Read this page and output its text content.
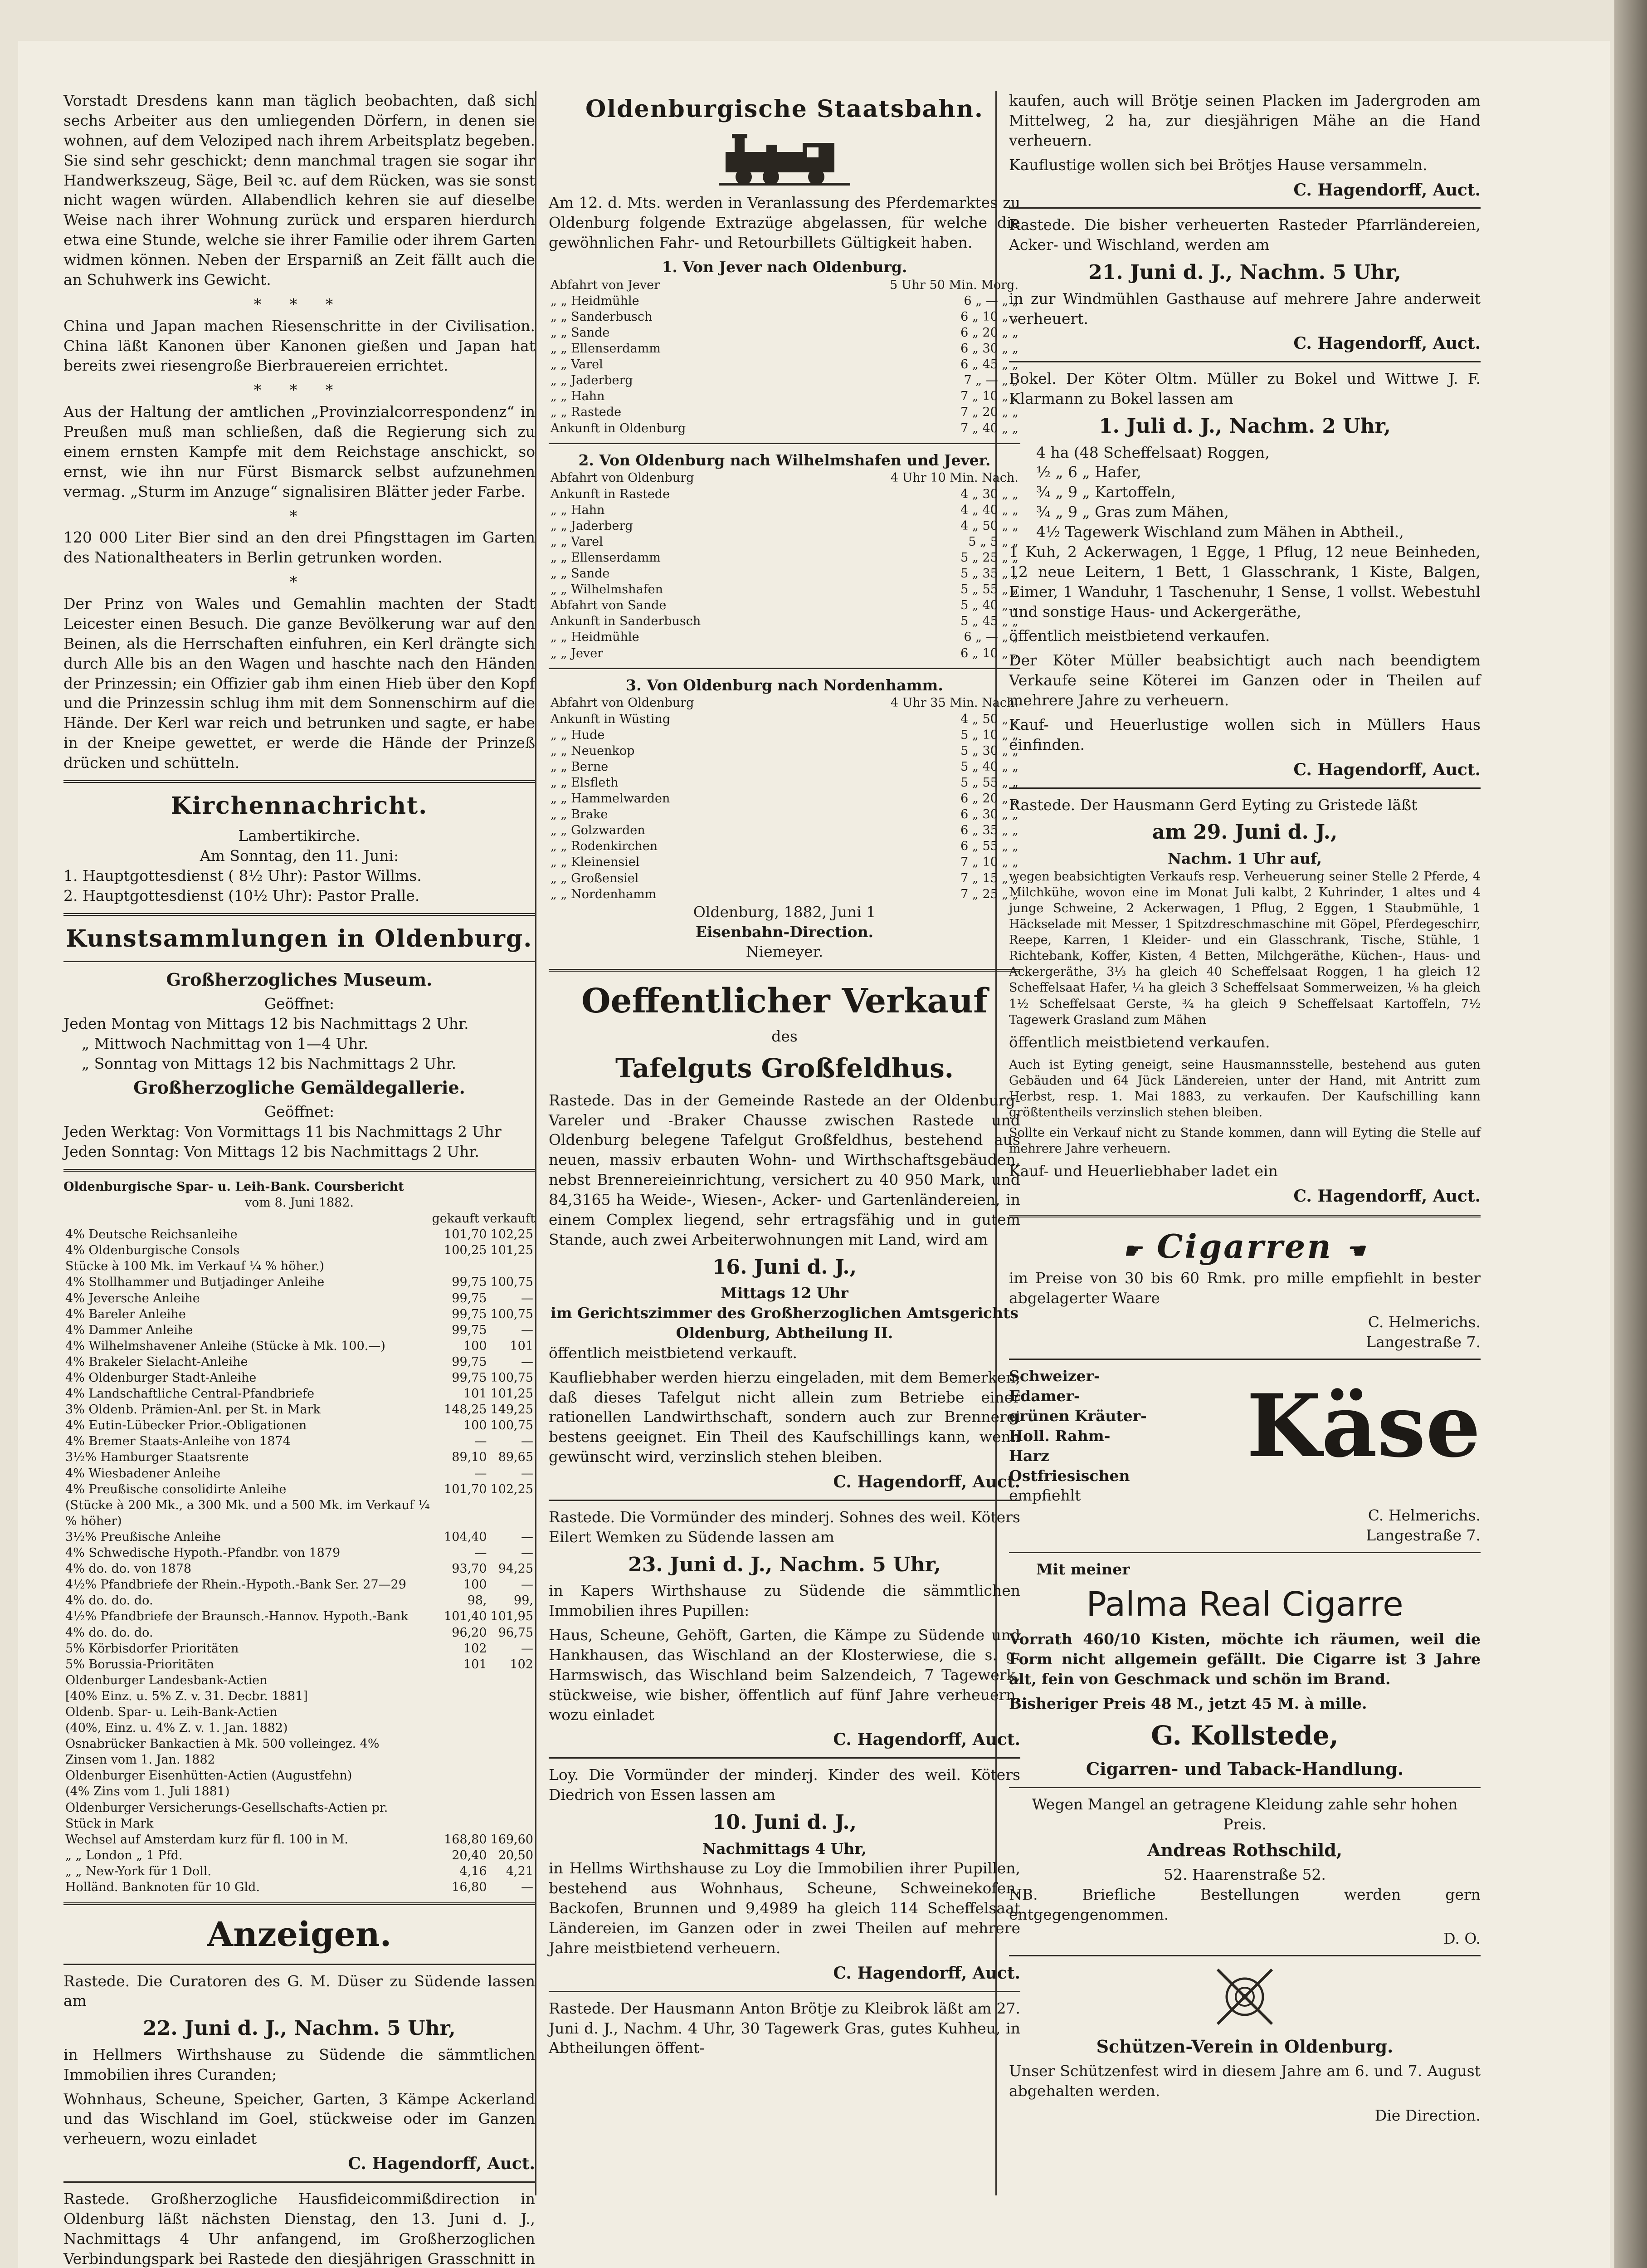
Vorstadt Dresdens kann man täglich beobachten, daß sich sechs Arbeiter aus den umliegenden Dörfern, in denen sie wohnen, auf dem Veloziped nach ihrem Arbeitsplatz begeben. Sie sind sehr geschickt; denn manchmal tragen sie sogar ihr Handwerkszeug, Säge, Beil ꝛc. auf dem Rücken, was sie sonst nicht wagen würden. Allabendlich kehren sie auf dieselbe Weise nach ihrer Wohnung zurück und ersparen hierdurch etwa eine Stunde, welche sie ihrer Familie oder ihrem Garten widmen können. Neben der Ersparniß an Zeit fällt auch die an Schuhwerk ins Gewicht.

* * *

China und Japan machen Riesenschritte in der Civilisation. China läßt Kanonen über Kanonen gießen und Japan hat bereits zwei riesengroße Bierbrauereien errichtet.

* * *

Aus der Haltung der amtlichen „Provinzialcorrespondenz“ in Preußen muß man schließen, daß die Regierung sich zu einem ernsten Kampfe mit dem Reichstage anschickt, so ernst, wie ihn nur Fürst Bismarck selbst aufzunehmen vermag. „Sturm im Anzuge“ signalisiren Blätter jeder Farbe.

*

120 000 Liter Bier sind an den drei Pfingsttagen im Garten des Nationaltheaters in Berlin getrunken worden.

*

Der Prinz von Wales und Gemahlin machten der Stadt Leicester einen Besuch. Die ganze Bevölkerung war auf den Beinen, als die Herrschaften einfuhren, ein Kerl drängte sich durch Alle bis an den Wagen und haschte nach den Händen der Prinzessin; ein Offizier gab ihm einen Hieb über den Kopf und die Prinzessin schlug ihm mit dem Sonnenschirm auf die Hände. Der Kerl war reich und betrunken und sagte, er habe in der Kneipe gewettet, er werde die Hände der Prinzeß drücken und schütteln.

Kirchennachricht.
Lambertikirche.
Am Sonntag, den 11. Juni:
1. Hauptgottesdienst ( 8½ Uhr): Pastor Willms.
2. Hauptgottesdienst (10½ Uhr): Pastor Pralle.
Kunstsammlungen in Oldenburg.
Großherzogliches Museum.
Geöffnet:
Jeden Montag von Mittags 12 bis Nachmittags 2 Uhr.
„ Mittwoch Nachmittag von 1—4 Uhr.
„ Sonntag von Mittags 12 bis Nachmittags 2 Uhr.
Großherzogliche Gemäldegallerie.
Geöffnet:
Jeden Werktag: Von Vormittags 11 bis Nachmittags 2 Uhr
Jeden Sonntag: Von Mittags 12 bis Nachmittags 2 Uhr.
Oldenburgische Spar- u. Leih-Bank. Coursbericht
vom 8. Juni 1882.
gekauft verkauft
4% Deutsche Reichsanleihe	101,70	102,25
4% Oldenburgische Consols	100,25	101,25
Stücke à 100 Mk. im Verkauf ¼ % höher.)		
4% Stollhammer und Butjadinger Anleihe	99,75	100,75
4% Jeversche Anleihe	99,75	—
4% Bareler Anleihe	99,75	100,75
4% Dammer Anleihe	99,75	—
4% Wilhelmshavener Anleihe (Stücke à Mk. 100.—)	100	101
4% Brakeler Sielacht-Anleihe	99,75	—
4% Oldenburger Stadt-Anleihe	99,75	100,75
4% Landschaftliche Central-Pfandbriefe	101	101,25
3% Oldenb. Prämien-Anl. per St. in Mark	148,25	149,25
4% Eutin-Lübecker Prior.-Obligationen	100	100,75
4% Bremer Staats-Anleihe von 1874	—	—
3½% Hamburger Staatsrente	89,10	89,65
4% Wiesbadener Anleihe	—	—
4% Preußische consolidirte Anleihe	101,70	102,25
(Stücke à 200 Mk., a 300 Mk. und a 500 Mk. im Verkauf ¼ % höher)		
3½% Preußische Anleihe	104,40	—
4% Schwedische Hypoth.-Pfandbr. von 1879	—	—
4% do. do. von 1878	93,70	94,25
4½% Pfandbriefe der Rhein.-Hypoth.-Bank Ser. 27—29	100	—
4% do. do. do.	98,	99,
4½% Pfandbriefe der Braunsch.-Hannov. Hypoth.-Bank	101,40	101,95
4% do. do. do.	96,20	96,75
5% Körbisdorfer Prioritäten	102	—
5% Borussia-Prioritäten	101	102
Oldenburger Landesbank-Actien		
[40% Einz. u. 5% Z. v. 31. Decbr. 1881]		
Oldenb. Spar- u. Leih-Bank-Actien		
(40%, Einz. u. 4% Z. v. 1. Jan. 1882)		
Osnabrücker Bankactien à Mk. 500 volleingez. 4%		
Zinsen vom 1. Jan. 1882		
Oldenburger Eisenhütten-Actien (Augustfehn)		
(4% Zins vom 1. Juli 1881)		
Oldenburger Versicherungs-Gesellschafts-Actien pr.		
Stück in Mark		
Wechsel auf Amsterdam kurz für fl. 100 in M.	168,80	169,60
„ „ London „ 1 Pfd.	20,40	20,50
„ „ New-York für 1 Doll.	4,16	4,21
Holländ. Banknoten für 10 Gld.	16,80	—
Anzeigen.

Rastede. Die Curatoren des G. M. Düser zu Südende lassen am

22. Juni d. J., Nachm. 5 Uhr,

in Hellmers Wirthshause zu Südende die sämmtlichen Immobilien ihres Curanden;

Wohnhaus, Scheune, Speicher, Garten, 3 Kämpe Ackerland und das Wischland im Goel, stückweise oder im Ganzen verheuern, wozu einladet

C. Hagendorff, Auct.

Rastede. Großherzogliche Hausfideicommißdirection in Oldenburg läßt nächsten Dienstag, den 13. Juni d. J., Nachmittags 4 Uhr anfangend, im Großherzoglichen Verbindungspark bei Rastede den diesjährigen Grasschnitt in

Oldenburgische Staatsbahn.

Am 12. d. Mts. werden in Veranlassung des Pferdemarktes zu Oldenburg folgende Extrazüge abgelassen, für welche die gewöhnlichen Fahr- und Retourbillets Gültigkeit haben.

1. Von Jever nach Oldenburg.
Abfahrt von Jever	5 Uhr 50 Min. Morg.
„ „ Heidmühle	6 „ — „ „
„ „ Sanderbusch	6 „ 10 „ „
„ „ Sande	6 „ 20 „ „
„ „ Ellenserdamm	6 „ 30 „ „
„ „ Varel	6 „ 45 „ „
„ „ Jaderberg	7 „ — „ „
„ „ Hahn	7 „ 10 „ „
„ „ Rastede	7 „ 20 „ „
Ankunft in Oldenburg	7 „ 40 „ „
2. Von Oldenburg nach Wilhelmshafen und Jever.
Abfahrt von Oldenburg	4 Uhr 10 Min. Nach.
Ankunft in Rastede	4 „ 30 „ „
„ „ Hahn	4 „ 40 „ „
„ „ Jaderberg	4 „ 50 „ „
„ „ Varel	5 „ 5 „ „
„ „ Ellenserdamm	5 „ 25 „ „
„ „ Sande	5 „ 35 „ „
„ „ Wilhelmshafen	5 „ 55 „ „
Abfahrt von Sande	5 „ 40 „ „
Ankunft in Sanderbusch	5 „ 45 „ „
„ „ Heidmühle	6 „ — „ „
„ „ Jever	6 „ 10 „ „
3. Von Oldenburg nach Nordenhamm.
Abfahrt von Oldenburg	4 Uhr 35 Min. Nach.
Ankunft in Wüsting	4 „ 50 „ „
„ „ Hude	5 „ 10 „ „
„ „ Neuenkop	5 „ 30 „ „
„ „ Berne	5 „ 40 „ „
„ „ Elsfleth	5 „ 55 „ „
„ „ Hammelwarden	6 „ 20 „ „
„ „ Brake	6 „ 30 „ „
„ „ Golzwarden	6 „ 35 „ „
„ „ Rodenkirchen	6 „ 55 „ „
„ „ Kleinensiel	7 „ 10 „ „
„ „ Großensiel	7 „ 15 „ „
„ „ Nordenhamm	7 „ 25 „ „
Oldenburg, 1882, Juni 1
Eisenbahn-Direction.
Niemeyer.
Oeffentlicher Verkauf
des
Tafelguts Großfeldhus.

Rastede. Das in der Gemeinde Rastede an der Oldenburg-Vareler und -Braker Chausse zwischen Rastede und Oldenburg belegene Tafelgut Großfeldhus, bestehend aus neuen, massiv erbauten Wohn- und Wirthschaftsgebäuden, nebst Brennereieinrichtung, versichert zu 40 950 Mark, und 84,3165 ha Weide-, Wiesen-, Acker- und Gartenländereien, in einem Complex liegend, sehr ertragsfähig und in gutem Stande, auch zwei Arbeiterwohnungen mit Land, wird am

16. Juni d. J.,
Mittags 12 Uhr
im Gerichtszimmer des Großherzoglichen Amtsgerichts Oldenburg, Abtheilung II.

öffentlich meistbietend verkauft.

Kaufliebhaber werden hierzu eingeladen, mit dem Bemerken, daß dieses Tafelgut nicht allein zum Betriebe einer rationellen Landwirthschaft, sondern auch zur Brennerei bestens geeignet. Ein Theil des Kaufschillings kann, wenn gewünscht wird, verzinslich stehen bleiben.

C. Hagendorff, Auct.

Rastede. Die Vormünder des minderj. Sohnes des weil. Köters Eilert Wemken zu Südende lassen am

23. Juni d. J., Nachm. 5 Uhr,

in Kapers Wirthshause zu Südende die sämmtlichen Immobilien ihres Pupillen:

Haus, Scheune, Gehöft, Garten, die Kämpe zu Südende und Hankhausen, das Wischland an der Klosterwiese, die s. g. Harmswisch, das Wischland beim Salzendeich, 7 Tagewerk, stückweise, wie bisher, öffentlich auf fünf Jahre verheuern, wozu einladet

C. Hagendorff, Auct.

Loy. Die Vormünder der minderj. Kinder des weil. Köters Diedrich von Essen lassen am

10. Juni d. J.,
Nachmittags 4 Uhr,

in Hellms Wirthshause zu Loy die Immobilien ihrer Pupillen, bestehend aus Wohnhaus, Scheune, Schweinekofen, Backofen, Brunnen und 9,4989 ha gleich 114 Scheffelsaat Ländereien, im Ganzen oder in zwei Theilen auf mehrere Jahre meistbietend verheuern.

C. Hagendorff, Auct.

Rastede. Der Hausmann Anton Brötje zu Kleibrok läßt am 27. Juni d. J., Nachm. 4 Uhr, 30 Tagewerk Gras, gutes Kuhheu, in Abtheilungen öffent-

kaufen, auch will Brötje seinen Placken im Jadergroden am Mittelweg, 2 ha, zur diesjährigen Mähe an die Hand verheuern.

Kauflustige wollen sich bei Brötjes Hause versammeln.

C. Hagendorff, Auct.

Rastede. Die bisher verheuerten Rasteder Pfarrländereien, Acker- und Wischland, werden am

21. Juni d. J., Nachm. 5 Uhr,

in zur Windmühlen Gasthause auf mehrere Jahre anderweit verheuert.

C. Hagendorff, Auct.

Bokel. Der Köter Oltm. Müller zu Bokel und Wittwe J. F. Klarmann zu Bokel lassen am

1. Juli d. J., Nachm. 2 Uhr,
4 ha (48 Scheffelsaat) Roggen,
½ „ 6 „ Hafer,
¾ „ 9 „ Kartoffeln,
¾ „ 9 „ Gras zum Mähen,
4½ Tagewerk Wischland zum Mähen in Abtheil.,

1 Kuh, 2 Ackerwagen, 1 Egge, 1 Pflug, 12 neue Beinheden, 12 neue Leitern, 1 Bett, 1 Glasschrank, 1 Kiste, Balgen, Eimer, 1 Wanduhr, 1 Taschenuhr, 1 Sense, 1 vollst. Webestuhl und sonstige Haus- und Ackergeräthe,

öffentlich meistbietend verkaufen.

Der Köter Müller beabsichtigt auch nach beendigtem Verkaufe seine Köterei im Ganzen oder in Theilen auf mehrere Jahre zu verheuern.

Kauf- und Heuerlustige wollen sich in Müllers Haus einfinden.

C. Hagendorff, Auct.

Rastede. Der Hausmann Gerd Eyting zu Gristede läßt

am 29. Juni d. J.,
Nachm. 1 Uhr auf,

wegen beabsichtigten Verkaufs resp. Verheuerung seiner Stelle 2 Pferde, 4 Milchkühe, wovon eine im Monat Juli kalbt, 2 Kuhrinder, 1 altes und 4 junge Schweine, 2 Ackerwagen, 1 Pflug, 2 Eggen, 1 Staubmühle, 1 Häckselade mit Messer, 1 Spitzdreschmaschine mit Göpel, Pferdegeschirr, Reepe, Karren, 1 Kleider- und ein Glasschrank, Tische, Stühle, 1 Richtebank, Koffer, Kisten, 4 Betten, Milchgeräthe, Küchen-, Haus- und Ackergeräthe, 3⅓ ha gleich 40 Scheffelsaat Roggen, 1 ha gleich 12 Scheffelsaat Hafer, ¼ ha gleich 3 Scheffelsaat Sommerweizen, ⅛ ha gleich 1½ Scheffelsaat Gerste, ¾ ha gleich 9 Scheffelsaat Kartoffeln, 7½ Tagewerk Grasland zum Mähen

öffentlich meistbietend verkaufen.

Auch ist Eyting geneigt, seine Hausmannsstelle, bestehend aus guten Gebäuden und 64 Jück Ländereien, unter der Hand, mit Antritt zum Herbst, resp. 1. Mai 1883, zu verkaufen. Der Kaufschilling kann größtentheils verzinslich stehen bleiben.

Sollte ein Verkauf nicht zu Stande kommen, dann will Eyting die Stelle auf mehrere Jahre verheuern.

Kauf- und Heuerliebhaber ladet ein

C. Hagendorff, Auct.
☛ Cigarren ☚

im Preise von 30 bis 60 Rmk. pro mille empfiehlt in bester abgelagerter Waare

C. Helmerichs.
Langestraße 7.
Schweizer-
Edamer-
grünen Kräuter-
Holl. Rahm-
Harz
Ostfriesischen	Käse
empfiehlt
C. Helmerichs.
Langestraße 7.
Mit meiner
Palma Real Cigarre

Vorrath 460/10 Kisten, möchte ich räumen, weil die Form nicht allgemein gefällt. Die Cigarre ist 3 Jahre alt, fein von Geschmack und schön im Brand.

Bisheriger Preis 48 M., jetzt 45 M. à mille.

G. Kollstede,
Cigarren- und Taback-Handlung.

Wegen Mangel an getragene Kleidung zahle sehr hohen Preis.

Andreas Rothschild,
52. Haarenstraße 52.

NB. Briefliche Bestellungen werden gern entgegengenommen.

D. O.
Schützen-Verein in Oldenburg.

Unser Schützenfest wird in diesem Jahre am 6. und 7. August abgehalten werden.

Die Direction.
